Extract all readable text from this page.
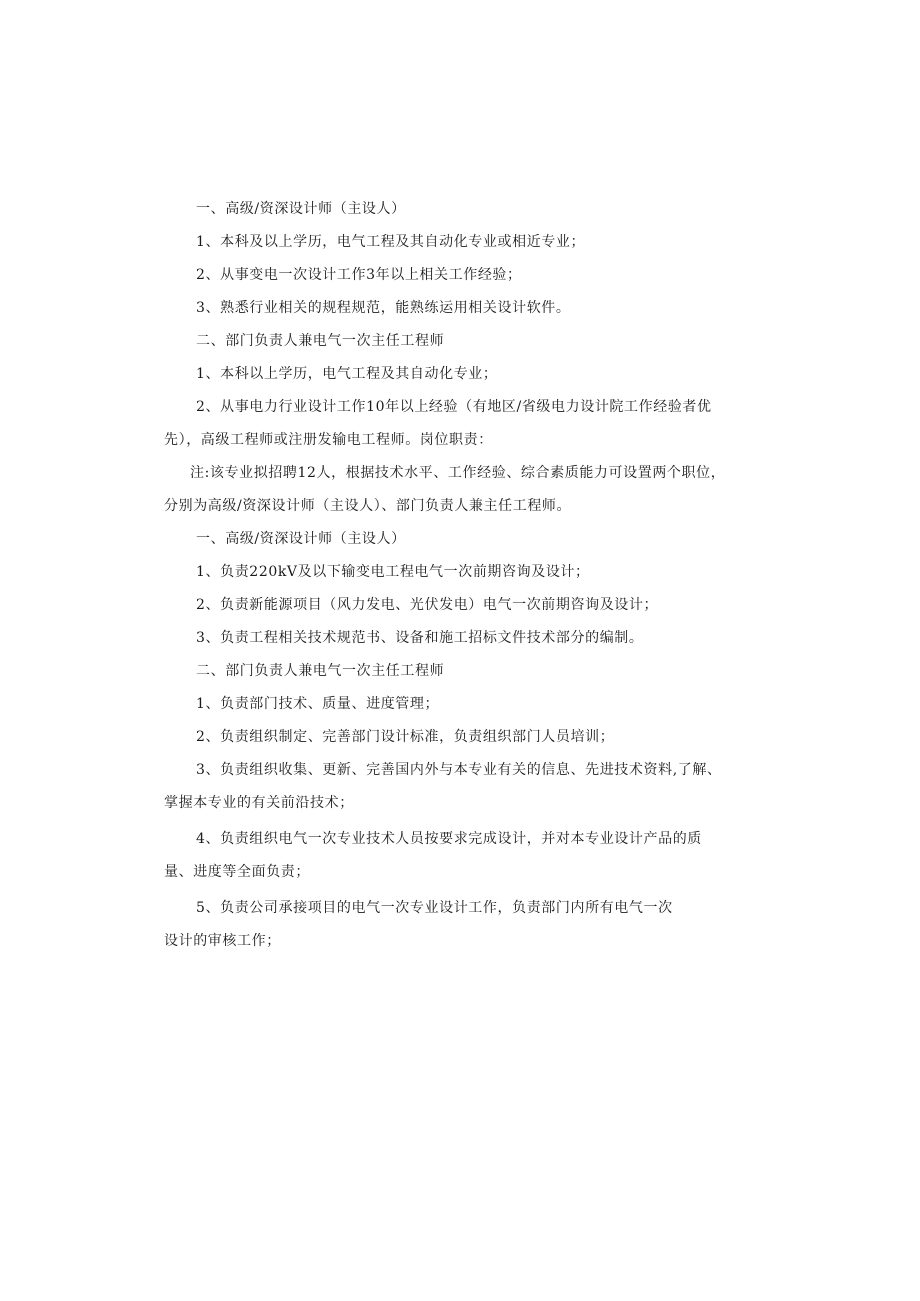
一、高级/资深设计师（主设人）

1、本科及以上学历，电气工程及其自动化专业或相近专业；

2、从事变电一次设计工作3年以上相关工作经验；

3、熟悉行业相关的规程规范，能熟练运用相关设计软件。

二、部门负责人兼电气一次主任工程师

1、本科以上学历，电气工程及其自动化专业；

2、从事电力行业设计工作10年以上经验（有地区/省级电力设计院工作经验者优

先），高级工程师或注册发输电工程师。岗位职责：

注:该专业拟招聘12人，根据技术水平、工作经验、综合素质能力可设置两个职位，

分别为高级/资深设计师（主设人）、部门负责人兼主任工程师。

一、高级/资深设计师（主设人）

1、负责220kV及以下输变电工程电气一次前期咨询及设计；

2、负责新能源项目（风力发电、光伏发电）电气一次前期咨询及设计；

3、负责工程相关技术规范书、设备和施工招标文件技术部分的编制。

二、部门负责人兼电气一次主任工程师

1、负责部门技术、质量、进度管理；

2、负责组织制定、完善部门设计标准，负责组织部门人员培训；

3、负责组织收集、更新、完善国内外与本专业有关的信息、先进技术资料,了解、

掌握本专业的有关前沿技术；

4、负责组织电气一次专业技术人员按要求完成设计，并对本专业设计产品的质

量、进度等全面负责；

5、负责公司承接项目的电气一次专业设计工作，负责部门内所有电气一次

设计的审核工作；
